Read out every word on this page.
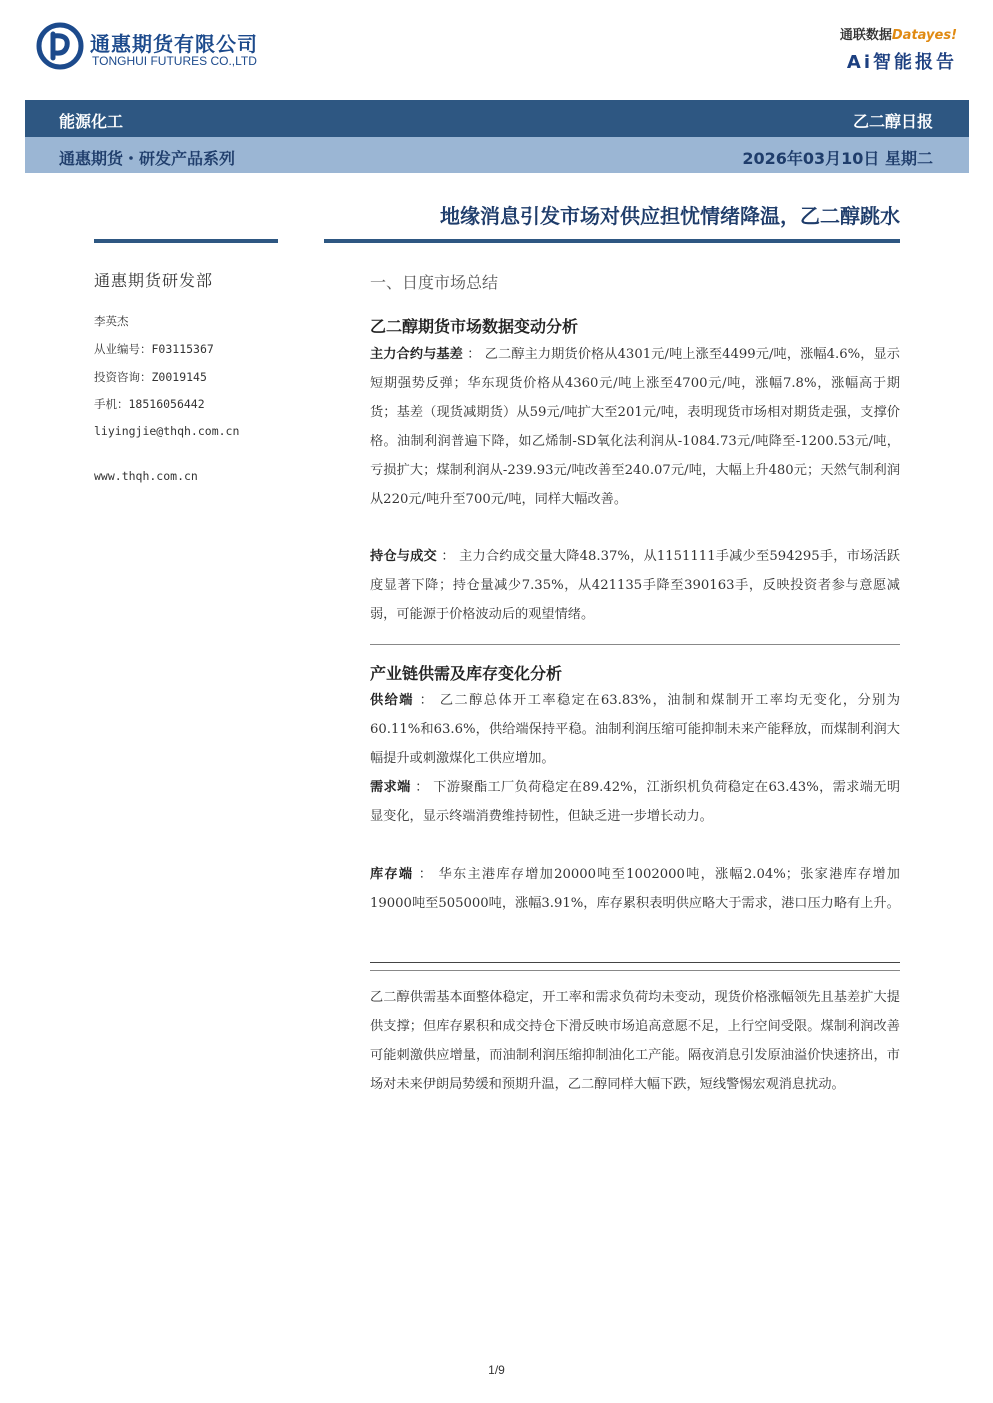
通惠期货有限公司
TONGHUI FUTURES CO.,LTD
通联数据Datayes!
Ai智能报告
能源化工	乙二醇日报
通惠期货・研发产品系列	2026年03月10日 星期二
地缘消息引发市场对供应担忧情绪降温，乙二醇跳水
通惠期货研发部
李英杰
从业编号：F03115367
投资咨询：Z0019145
手机：18516056442
liyingjie@thqh.com.cn
www.thqh.com.cn
一、日度市场总结
乙二醇期货市场数据变动分析
主力合约与基差 ： 乙二醇主力期货价格从4301元/吨上涨至4499元/吨，涨幅4.6%，显示短期强势反弹；华东现货价格从4360元/吨上涨至4700元/吨，涨幅7.8%，涨幅高于期货；基差（现货减期货）从59元/吨扩大至201元/吨，表明现货市场相对期货走强，支撑价格。油制利润普遍下降，如乙烯制-SD氧化法利润从-1084.73元/吨降至-1200.53元/吨，亏损扩大；煤制利润从-239.93元/吨改善至240.07元/吨，大幅上升480元；天然气制利润从220元/吨升至700元/吨，同样大幅改善。
持仓与成交 ： 主力合约成交量大降48.37%，从1151111手减少至594295手，市场活跃度显著下降；持仓量减少7.35%，从421135手降至390163手，反映投资者参与意愿减弱，可能源于价格波动后的观望情绪。
产业链供需及库存变化分析
供给端 ： 乙二醇总体开工率稳定在63.83%，油制和煤制开工率均无变化，分别为60.11%和63.6%，供给端保持平稳。油制利润压缩可能抑制未来产能释放，而煤制利润大幅提升或刺激煤化工供应增加。
需求端 ： 下游聚酯工厂负荷稳定在89.42%，江浙织机负荷稳定在63.43%，需求端无明显变化，显示终端消费维持韧性，但缺乏进一步增长动力。
库存端 ： 华东主港库存增加20000吨至1002000吨，涨幅2.04%；张家港库存增加19000吨至505000吨，涨幅3.91%，库存累积表明供应略大于需求，港口压力略有上升。
乙二醇供需基本面整体稳定，开工率和需求负荷均未变动，现货价格涨幅领先且基差扩大提供支撑；但库存累积和成交持仓下滑反映市场追高意愿不足，上行空间受限。煤制利润改善可能刺激供应增量，而油制利润压缩抑制油化工产能。隔夜消息引发原油溢价快速挤出，市场对未来伊朗局势缓和预期升温，乙二醇同样大幅下跌，短线警惕宏观消息扰动。
1/9
